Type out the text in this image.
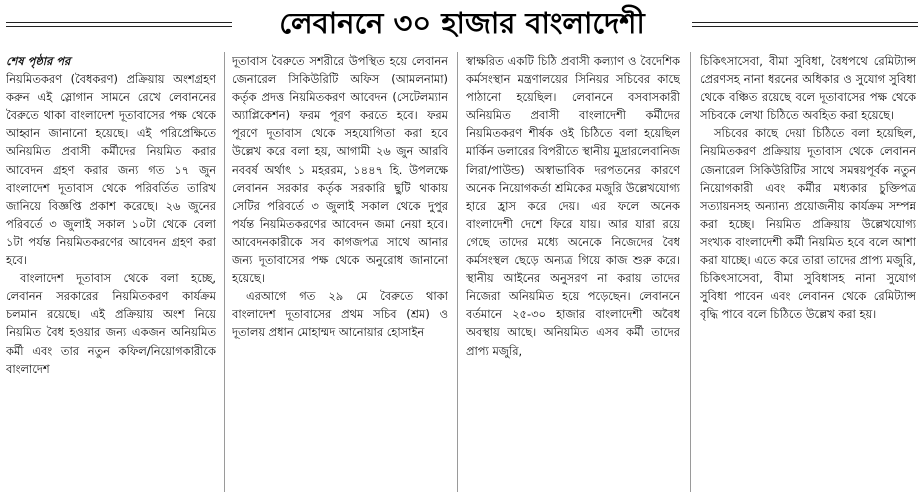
লেবাননে ৩০ হাজার বাংলাদেশী
শেষ পৃষ্ঠার পর

নিয়মিতকরণ (বৈধকরণ) প্রক্রিয়ায় অংশগ্রহণ করুন এই স্লোগান সামনে রেখে লেবাননের বৈরুতে থাকা বাংলাদেশ দূতাবাসের পক্ষ থেকে আহ্বান জানানো হয়েছে। এই পরিপ্রেক্ষিতে অনিয়মিত প্রবাসী কর্মীদের নিয়মিত করার আবেদন গ্রহণ করার জন্য গত ১৭ জুন বাংলাদেশ দূতাবাস থেকে পরিবর্তিত তারিখ জানিয়ে বিজ্ঞপ্তি প্রকাশ করেছে। ২৬ জুনের পরিবর্তে ৩ জুলাই সকাল ১০টা থেকে বেলা ১টা পর্যন্ত নিয়মিতকরণের আবেদন গ্রহণ করা হবে।

বাংলাদেশ দূতাবাস থেকে বলা হচ্ছে, লেবানন সরকারের নিয়মিতকরণ কার্যক্রম চলমান রয়েছে। এই প্রক্রিয়ায় অংশ নিয়ে নিয়মিত বৈধ হওয়ার জন্য একজন অনিয়মিত কর্মী এবং তার নতুন কফিল/নিয়োগকারীকে বাংলাদেশ

দূতাবাস বৈরুতে সশরীরে উপস্থিত হয়ে লেবানন জেনারেল সিকিউরিটি অফিস (আমলনামা) কর্তৃক প্রদত্ত নিয়মিতকরণ আবেদন (সেটেলম্যান অ্যাপ্লিকেশন) ফরম পূরণ করতে হবে। ফরম পূরণে দূতাবাস থেকে সহযোগিতা করা হবে উল্লেখ করে বলা হয়, আগামী ২৬ জুন আরবি নববর্ষ অর্থাৎ ১ মহররম, ১৪৪৭ হি. উপলক্ষে লেবানন সরকার কর্তৃক সরকারি ছুটি থাকায় সেটির পরিবর্তে ৩ জুলাই সকাল থেকে দুপুর পর্যন্ত নিয়মিতকরণের আবেদন জমা নেয়া হবে। আবেদনকারীকে সব কাগজপত্র সাথে আনার জন্য দূতাবাসের পক্ষ থেকে অনুরোধ জানানো হয়েছে।

এরআগে গত ২৯ মে বৈরুতে থাকা বাংলাদেশ দূতাবাসের প্রথম সচিব (শ্রম) ও দূতালয় প্রধান মোহাম্মদ আনোয়ার হোসাইন

স্বাক্ষরিত একটি চিঠি প্রবাসী কল্যাণ ও বৈদেশিক কর্মসংস্থান মন্ত্রণালয়ের সিনিয়র সচিবের কাছে পাঠানো হয়েছিল। লেবাননে বসবাসকারী অনিয়মিত প্রবাসী বাংলাদেশী কর্মীদের নিয়মিতকরণ শীর্ষক ওই চিঠিতে বলা হয়েছিল মার্কিন ডলারের বিপরীতে স্থানীয় মুদ্রারলেবানিজ লিরা/পাউন্ড) অস্বাভাবিক দরপতনের কারণে অনেক নিয়োগকর্তা শ্রমিকের মজুরি উল্লেখযোগ্য হারে হ্রাস করে দেয়। এর ফলে অনেক বাংলাদেশী দেশে ফিরে যায়। আর যারা রয়ে গেছে তাদের মধ্যে অনেকে নিজেদের বৈধ কর্মসংস্থল ছেড়ে অন্যত্র গিয়ে কাজ শুরু করে। স্থানীয় আইনের অনুসরণ না করায় তাদের নিজেরা অনিয়মিত হয়ে পড়েছেন। লেবাননে বর্তমানে ২৫-৩০ হাজার বাংলাদেশী অবৈধ অবস্থায় আছে। অনিয়মিত এসব কর্মী তাদের প্রাপ্য মজুরি,

চিকিৎসাসেবা, বীমা সুবিধা, বৈধপথে রেমিট্যান্স প্রেরণসহ নানা ধরনের অধিকার ও সুযোগ সুবিধা থেকে বঞ্চিত রয়েছে বলে দূতাবাসের পক্ষ থেকে সচিবকে লেখা চিঠিতে অবহিত করা হয়েছে।

সচিবের কাছে দেয়া চিঠিতে বলা হয়েছিল, নিয়মিতকরণ প্রক্রিয়ায় দূতাবাস থেকে লেবানন জেনারেল সিকিউরিটির সাথে সমন্বয়পূর্বক নতুন নিয়োগকারী এবং কর্মীর মধ্যকার চুক্তিপত্র সত্যায়নসহ অন্যান্য প্রয়োজনীয় কার্যক্রম সম্পন্ন করা হচ্ছে। নিয়মিত প্রক্রিয়ায় উল্লেখযোগ্য সংখ্যক বাংলাদেশী কর্মী নিয়মিত হবে বলে আশা করা যাচ্ছে। এতে করে তারা তাদের প্রাপ্য মজুরি, চিকিৎসাসেবা, বীমা সুবিধাসহ নানা সুযোগ সুবিধা পাবেন এবং লেবানন থেকে রেমিট্যান্স বৃদ্ধি পাবে বলে চিঠিতে উল্লেখ করা হয়।
